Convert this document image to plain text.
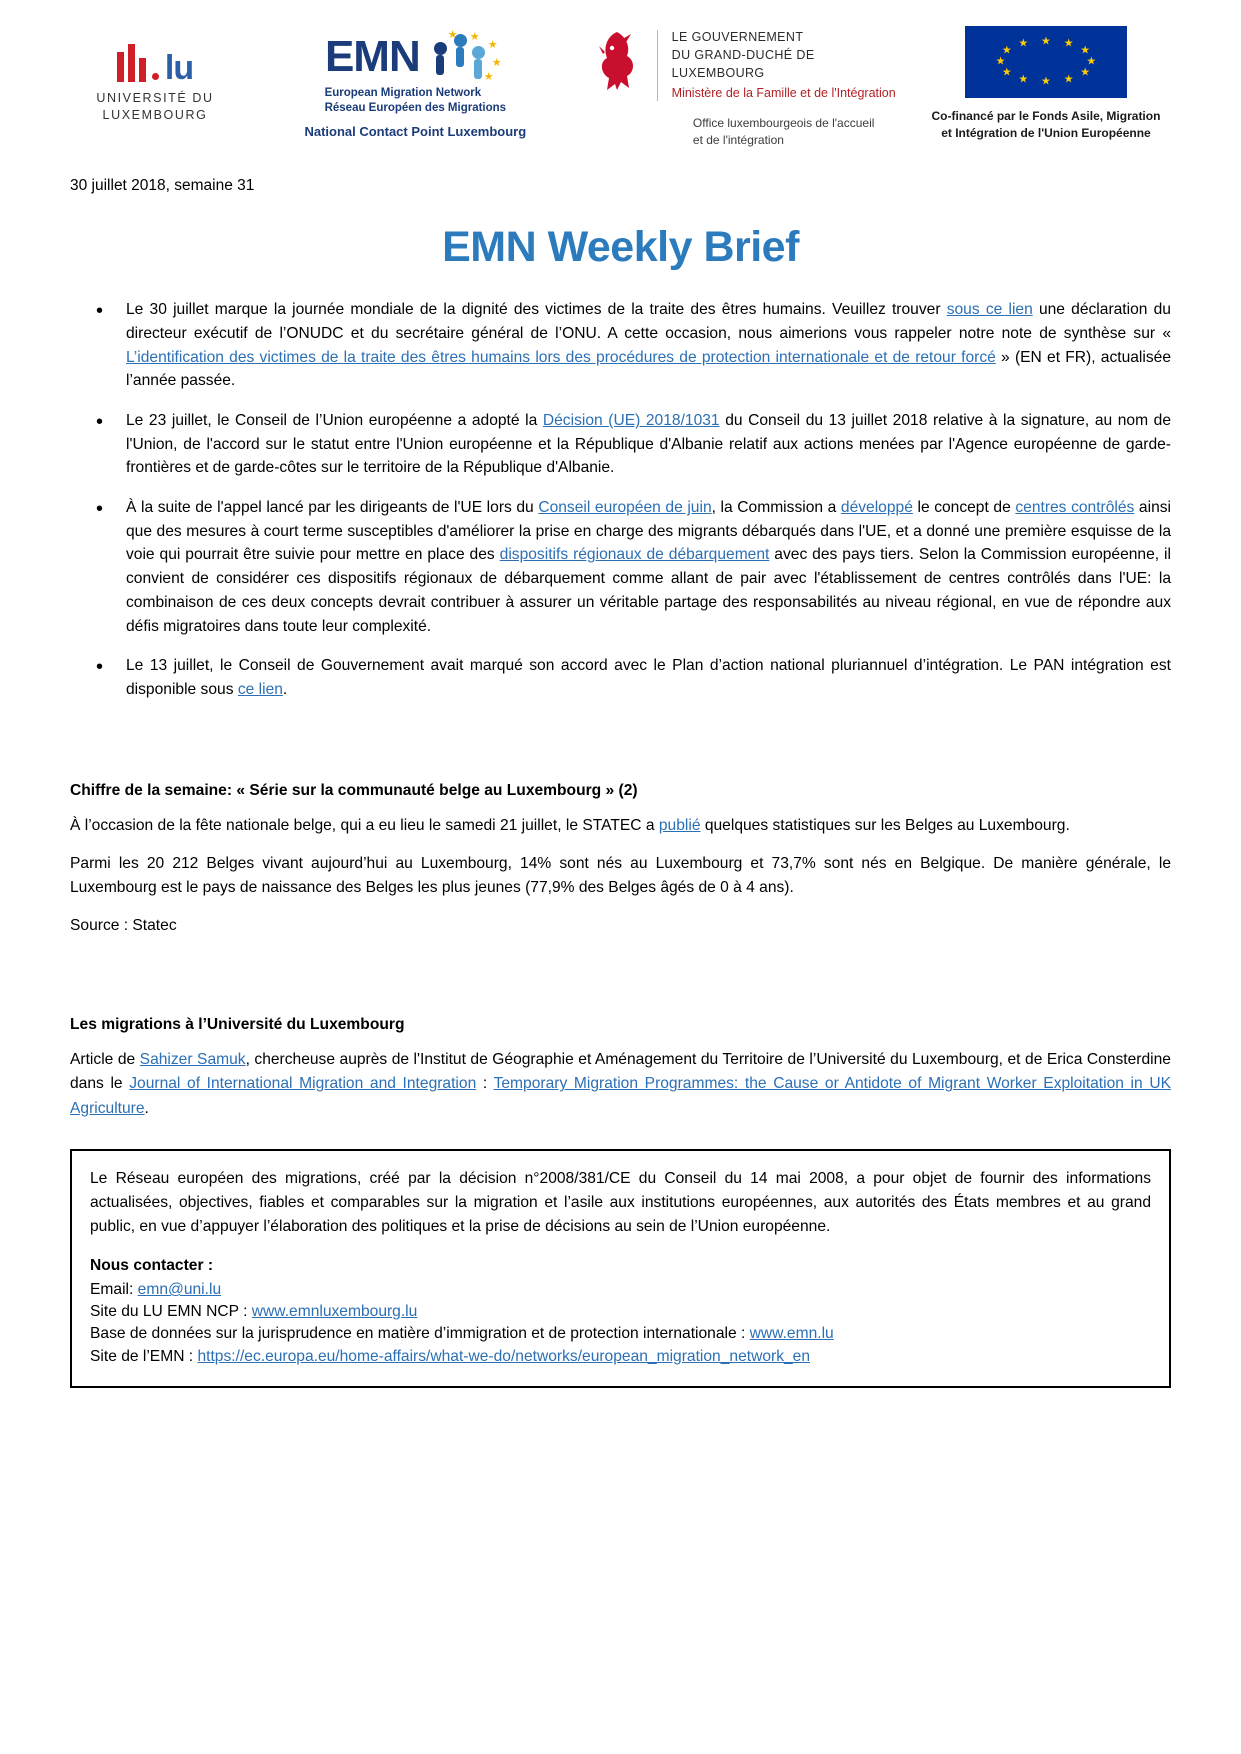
lu
UNIVERSITÉ DU
LUXEMBOURG
EMN	★ ★
★
★
★
European Migration Network
Réseau Européen des Migrations
National Contact Point Luxembourg
LE GOUVERNEMENT
DU GRAND-DUCHÉ DE LUXEMBOURG
Ministère de la Famille et de l'Intégration
Office luxembourgeois de l'accueil
et de l'intégration
★ ★
★
★
★
★
★
★
★
★
★
★
Co-financé par le Fonds Asile, Migration
et Intégration de l'Union Européenne
30 juillet 2018, semaine 31
EMN Weekly Brief
• Le 30 juillet marque la journée mondiale de la dignité des victimes de la traite des êtres humains. Veuillez trouver sous ce lien une déclaration du directeur exécutif de l’ONUDC et du secrétaire général de l’ONU. A cette occasion, nous aimerions vous rappeler notre note de synthèse sur « L’identification des victimes de la traite des êtres humains lors des procédures de protection internationale et de retour forcé » (EN et FR), actualisée l’année passée.
• Le 23 juillet, le Conseil de l’Union européenne a adopté la Décision (UE) 2018/1031 du Conseil du 13 juillet 2018 relative à la signature, au nom de l'Union, de l'accord sur le statut entre l'Union européenne et la République d'Albanie relatif aux actions menées par l'Agence européenne de garde-frontières et de garde-côtes sur le territoire de la République d'Albanie.
• À la suite de l'appel lancé par les dirigeants de l'UE lors du Conseil européen de juin, la Commission a développé le concept de centres contrôlés ainsi que des mesures à court terme susceptibles d'améliorer la prise en charge des migrants débarqués dans l'UE, et a donné une première esquisse de la voie qui pourrait être suivie pour mettre en place des dispositifs régionaux de débarquement avec des pays tiers. Selon la Commission européenne, il convient de considérer ces dispositifs régionaux de débarquement comme allant de pair avec l'établissement de centres contrôlés dans l'UE: la combinaison de ces deux concepts devrait contribuer à assurer un véritable partage des responsabilités au niveau régional, en vue de répondre aux défis migratoires dans toute leur complexité.
• Le 13 juillet, le Conseil de Gouvernement avait marqué son accord avec le Plan d’action national pluriannuel d’intégration. Le PAN intégration est disponible sous ce lien.
Chiffre de la semaine: « Série sur la communauté belge au Luxembourg » (2)

À l’occasion de la fête nationale belge, qui a eu lieu le samedi 21 juillet, le STATEC a publié quelques statistiques sur les Belges au Luxembourg.

Parmi les 20 212 Belges vivant aujourd’hui au Luxembourg, 14% sont nés au Luxembourg et 73,7% sont nés en Belgique. De manière générale, le Luxembourg est le pays de naissance des Belges les plus jeunes (77,9% des Belges âgés de 0 à 4 ans).

Source : Statec

Les migrations à l’Université du Luxembourg

Article de Sahizer Samuk, chercheuse auprès de l'Institut de Géographie et Aménagement du Territoire de l’Université du Luxembourg, et de Erica Consterdine dans le Journal of International Migration and Integration : Temporary Migration Programmes: the Cause or Antidote of Migrant Worker Exploitation in UK Agriculture.

Le Réseau européen des migrations, créé par la décision n°2008/381/CE du Conseil du 14 mai 2008, a pour objet de fournir des informations actualisées, objectives, fiables et comparables sur la migration et l’asile aux institutions européennes, aux autorités des États membres et au grand public, en vue d’appuyer l’élaboration des politiques et la prise de décisions au sein de l’Union européenne.

Nous contacter :
Email: emn@uni.lu
Site du LU EMN NCP : www.emnluxembourg.lu
Base de données sur la jurisprudence en matière d’immigration et de protection internationale : www.emn.lu
Site de l’EMN : https://ec.europa.eu/home-affairs/what-we-do/networks/european_migration_network_en
